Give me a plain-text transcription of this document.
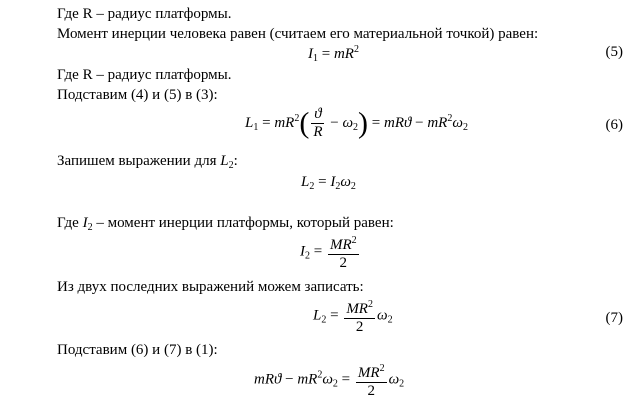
Где R – радиус платформы.
Момент инерции человека равен (считаем его материальной точкой) равен:
$I_1 = mR^2$	(5)
Где R – радиус платформы.
Подставим (4) и (5) в (3):
$L_1 = mR^2( \frac{ϑ}{R} - \omega_2) = mRϑ - mR^2\omega_2$	(6)
Запишем выражении для $L_2$:
$L_2 = I_2\omega_2$
Где $I_2$ – момент инерции платформы, который равен:
$I_2 = \frac{MR^2}{2}$
Из двух последних выражений можем записать:
$L_2 = \frac{MR^2}{2} \omega_2$	(7)
Подставим (6) и (7) в (1):
$mRϑ - mR^2\omega_2 = \frac{MR^2}{2} \omega_2$
